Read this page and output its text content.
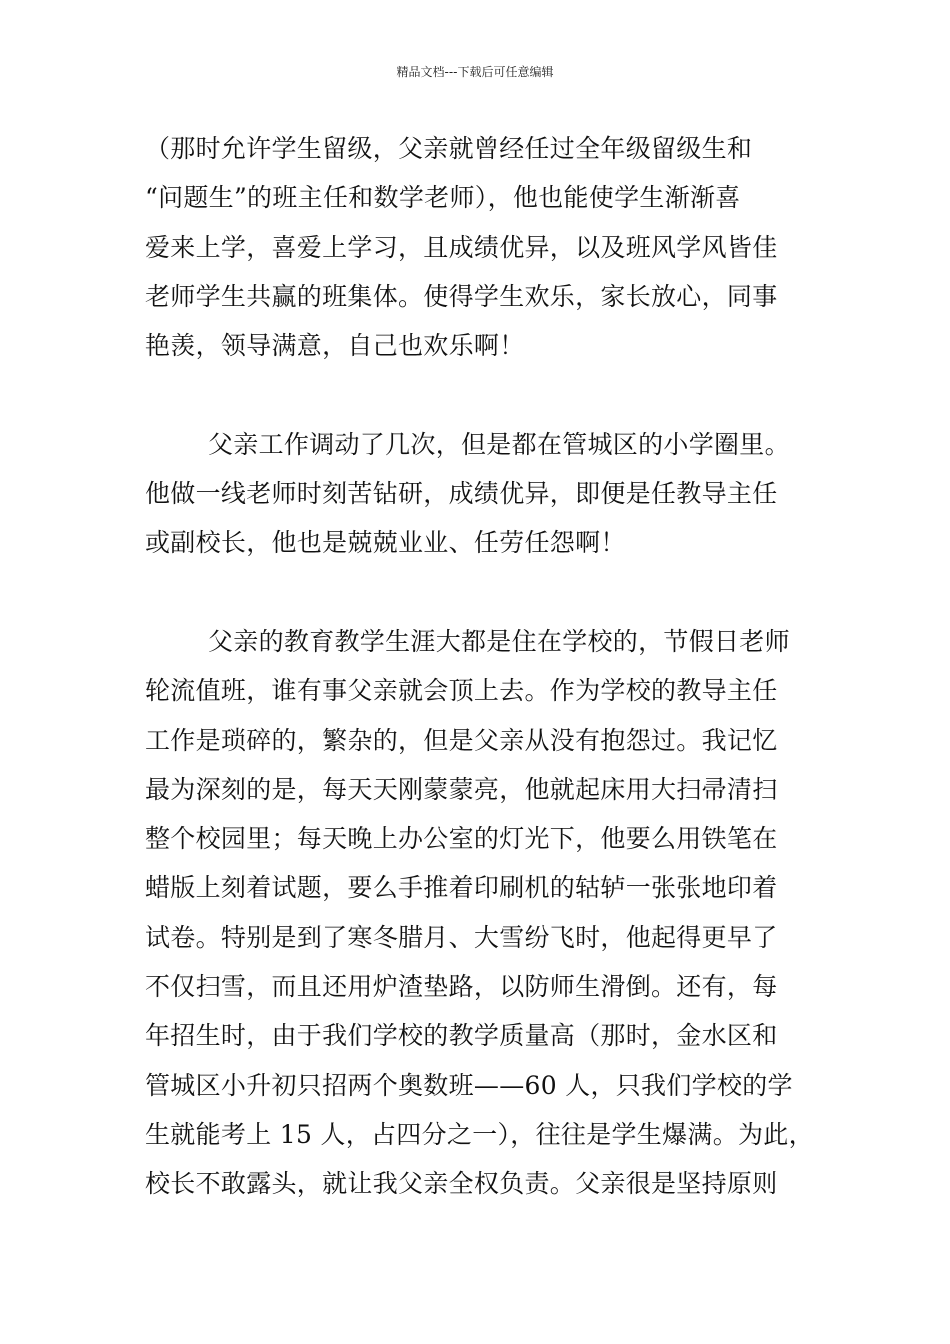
精品文档---下载后可任意编辑
（那时允许学生留级，父亲就曾经任过全年级留级生和
“问题生”的班主任和数学老师），他也能使学生渐渐喜
爱来上学，喜爱上学习，且成绩优异，以及班风学风皆佳
老师学生共赢的班集体。使得学生欢乐，家长放心，同事
艳羡，领导满意，自己也欢乐啊！
父亲工作调动了几次，但是都在管城区的小学圈里。
他做一线老师时刻苦钻研，成绩优异，即便是任教导主任
或副校长，他也是兢兢业业、任劳任怨啊！
父亲的教育教学生涯大都是住在学校的，节假日老师
轮流值班，谁有事父亲就会顶上去。作为学校的教导主任
工作是琐碎的，繁杂的，但是父亲从没有抱怨过。我记忆
最为深刻的是，每天天刚蒙蒙亮，他就起床用大扫帚清扫
整个校园里；每天晚上办公室的灯光下，他要么用铁笔在
蜡版上刻着试题，要么手推着印刷机的轱轳一张张地印着
试卷。特别是到了寒冬腊月、大雪纷飞时，他起得更早了
不仅扫雪，而且还用炉渣垫路，以防师生滑倒。还有，每
年招生时，由于我们学校的教学质量高（那时，金水区和
管城区小升初只招两个奥数班——60 人，只我们学校的学
生就能考上 15 人，占四分之一），往往是学生爆满。为此，
校长不敢露头，就让我父亲全权负责。父亲很是坚持原则
